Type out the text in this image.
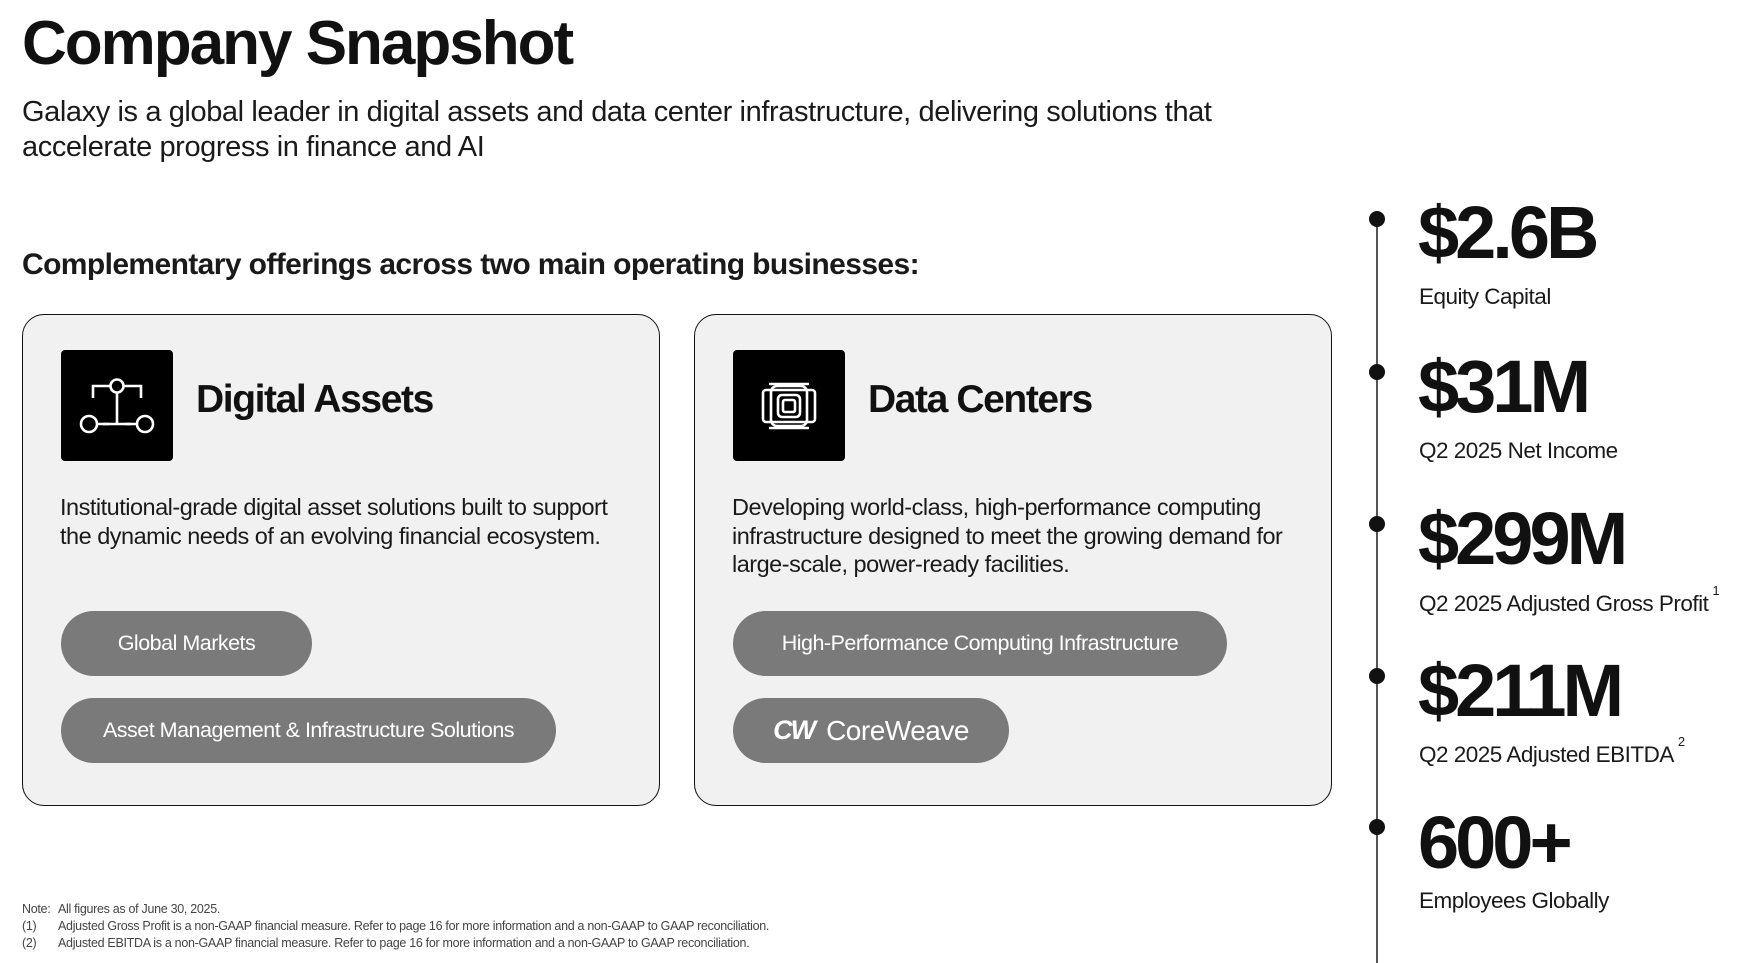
Company Snapshot

Galaxy is a global leader in digital assets and data center infrastructure, delivering solutions that accelerate progress in finance and AI

Complementary offerings across two main operating businesses:
Digital Assets

Institutional-grade digital asset solutions built to support the dynamic needs of an evolving financial ecosystem.

Global Markets
Asset Management & Infrastructure Solutions
Data Centers

Developing world-class, high-performance computing infrastructure designed to meet the growing demand for large-scale, power-ready facilities.

High-Performance Computing Infrastructure
CW CoreWeave
$2.6B
Equity Capital
$31M
Q2 2025 Net Income
$299M
Q2 2025 Adjusted Gross Profit$^1$
$211M
Q2 2025 Adjusted EBITDA$^2$
600+
Employees Globally
Note: All figures as of June 30, 2025.
(1)	Adjusted Gross Profit is a non-GAAP financial measure. Refer to page 16 for more information and a non-GAAP to GAAP reconciliation.
(2)	Adjusted EBITDA is a non-GAAP financial measure. Refer to page 16 for more information and a non-GAAP to GAAP reconciliation.
